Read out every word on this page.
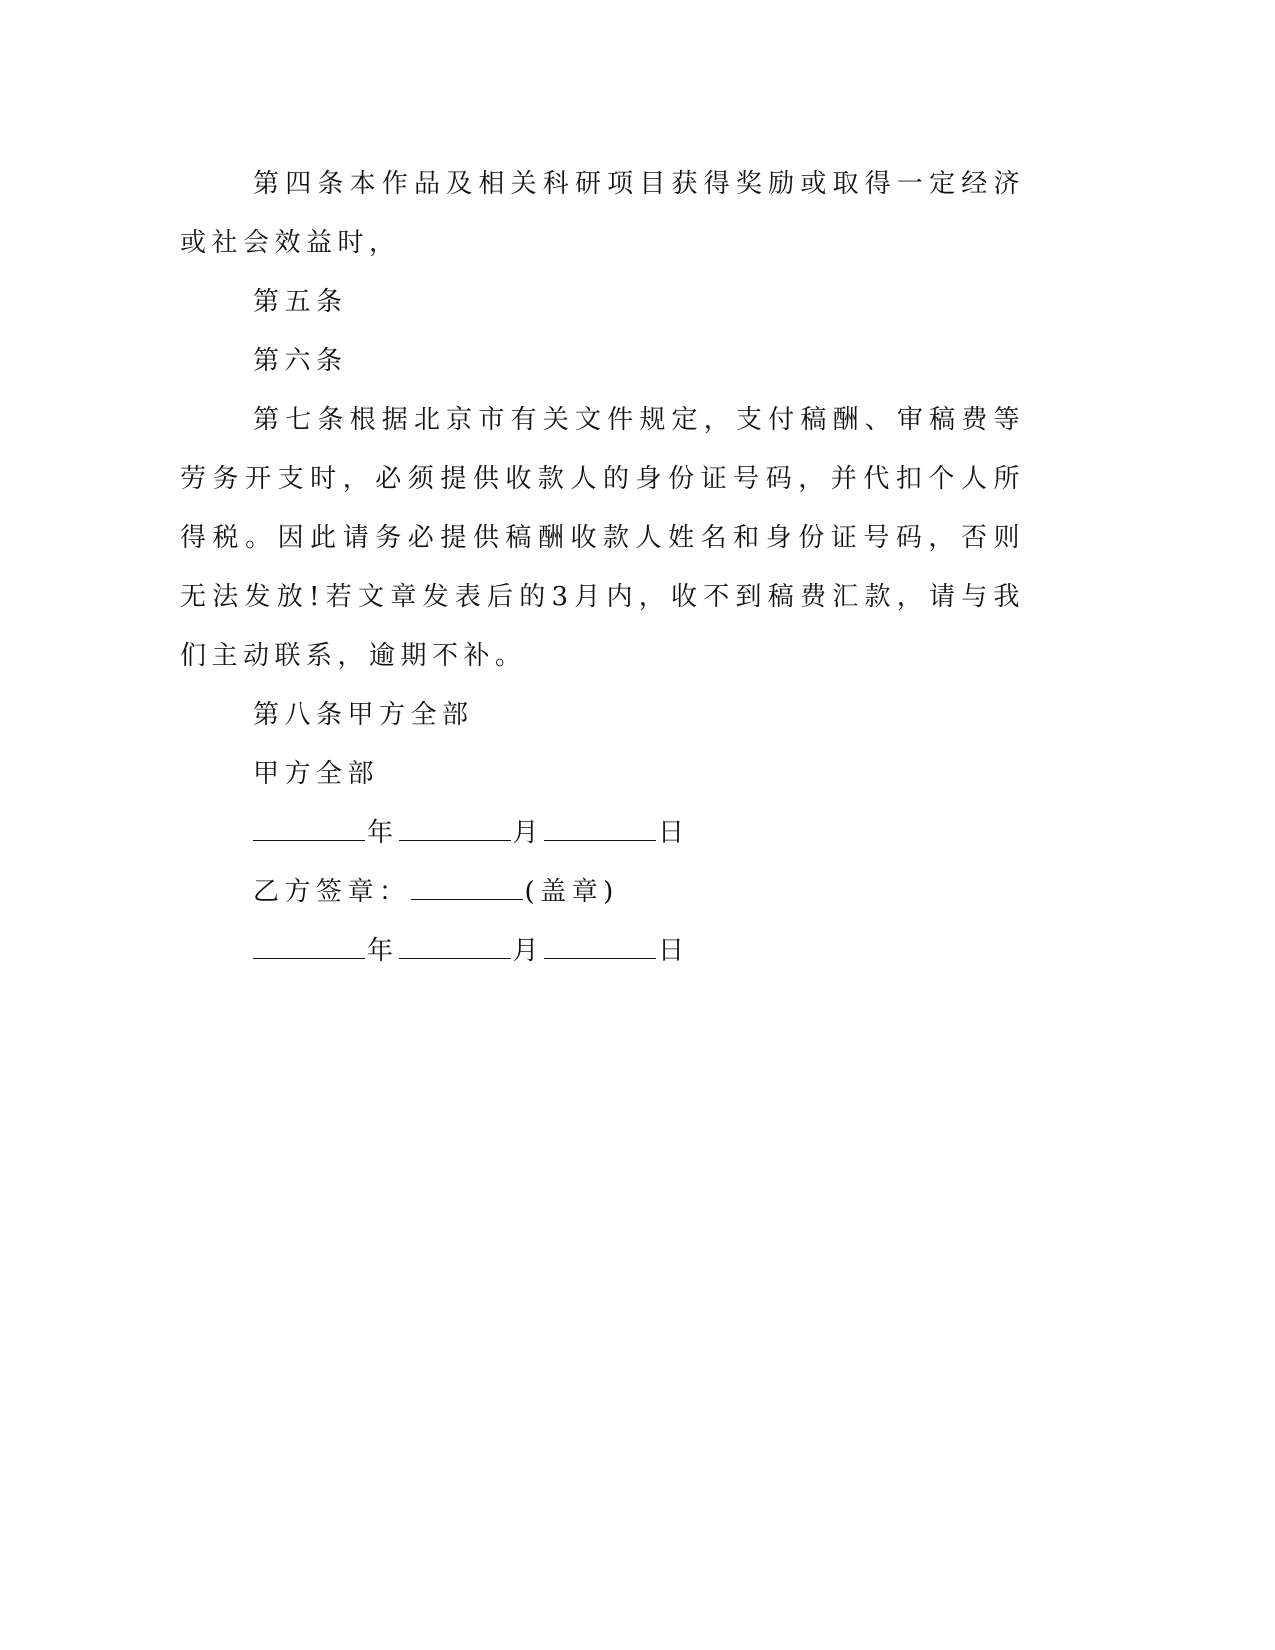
第四条本作品及相关科研项目获得奖励或取得一定经济或社会效益时，

第五条

第六条

第七条根据北京市有关文件规定，支付稿酬、审稿费等劳务开支时，必须提供收款人的身份证号码，并代扣个人所得税。因此请务必提供稿酬收款人姓名和身份证号码，否则无法发放!若文章发表后的3月内，收不到稿费汇款，请与我们主动联系，逾期不补。

第八条甲方全部

甲方全部

年	月	日

乙方签章：	(盖章)

年	月	日
